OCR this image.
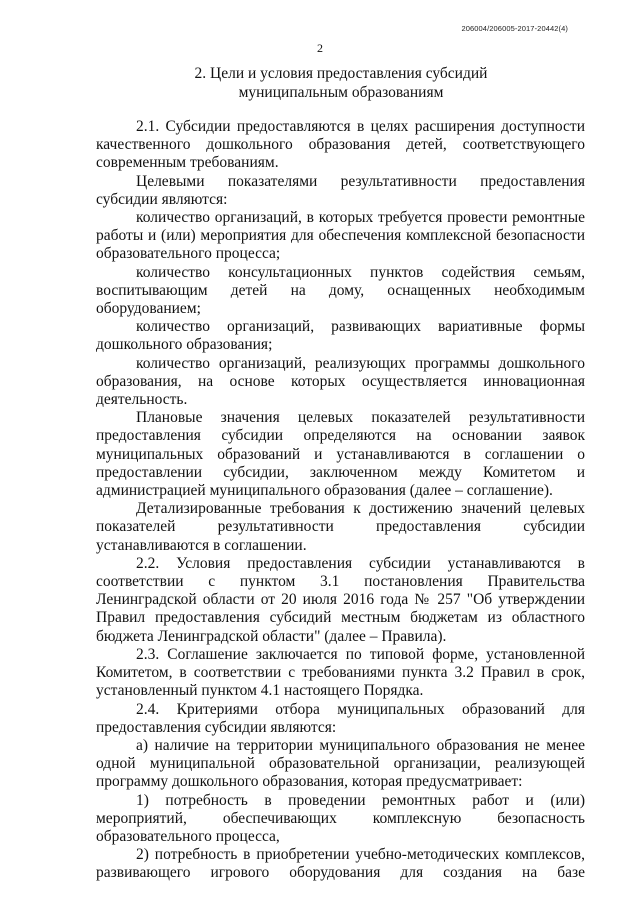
206004/206005-2017-20442(4)
2
2. Цели и условия предоставления субсидий
муниципальным образованиям

2.1. Субсидии предоставляются в целях расширения доступности качественного дошкольного образования детей, соответствующего современным требованиям.

Целевыми показателями результативности предоставления субсидии являются:

количество организаций, в которых требуется провести ремонтные работы и (или) мероприятия для обеспечения комплексной безопасности образовательного процесса;

количество консультационных пунктов содействия семьям, воспитывающим детей на дому, оснащенных необходимым оборудованием;

количество организаций, развивающих вариативные формы дошкольного образования;

количество организаций, реализующих программы дошкольного образования, на основе которых осуществляется инновационная деятельность.

Плановые значения целевых показателей результативности предоставления субсидии определяются на основании заявок муниципальных образований и устанавливаются в соглашении о предоставлении субсидии, заключенном между Комитетом и администрацией муниципального образования (далее – соглашение).

Детализированные требования к достижению значений целевых показателей результативности предоставления субсидии устанавливаются в соглашении.

2.2. Условия предоставления субсидии устанавливаются в соответствии с пунктом 3.1 постановления Правительства Ленинградской области от 20 июля 2016 года № 257 "Об утверждении Правил предоставления субсидий местным бюджетам из областного бюджета Ленинградской области" (далее – Правила).

2.3. Соглашение заключается по типовой форме, установленной Комитетом, в соответствии с требованиями пункта 3.2 Правил в срок, установленный пунктом 4.1 настоящего Порядка.

2.4. Критериями отбора муниципальных образований для предоставления субсидии являются:

а) наличие на территории муниципального образования не менее одной муниципальной образовательной организации, реализующей программу дошкольного образования, которая предусматривает:

1) потребность в проведении ремонтных работ и (или) мероприятий, обеспечивающих комплексную безопасность образовательного процесса,

2) потребность в приобретении учебно-методических комплексов, развивающего игрового оборудования для создания на базе
